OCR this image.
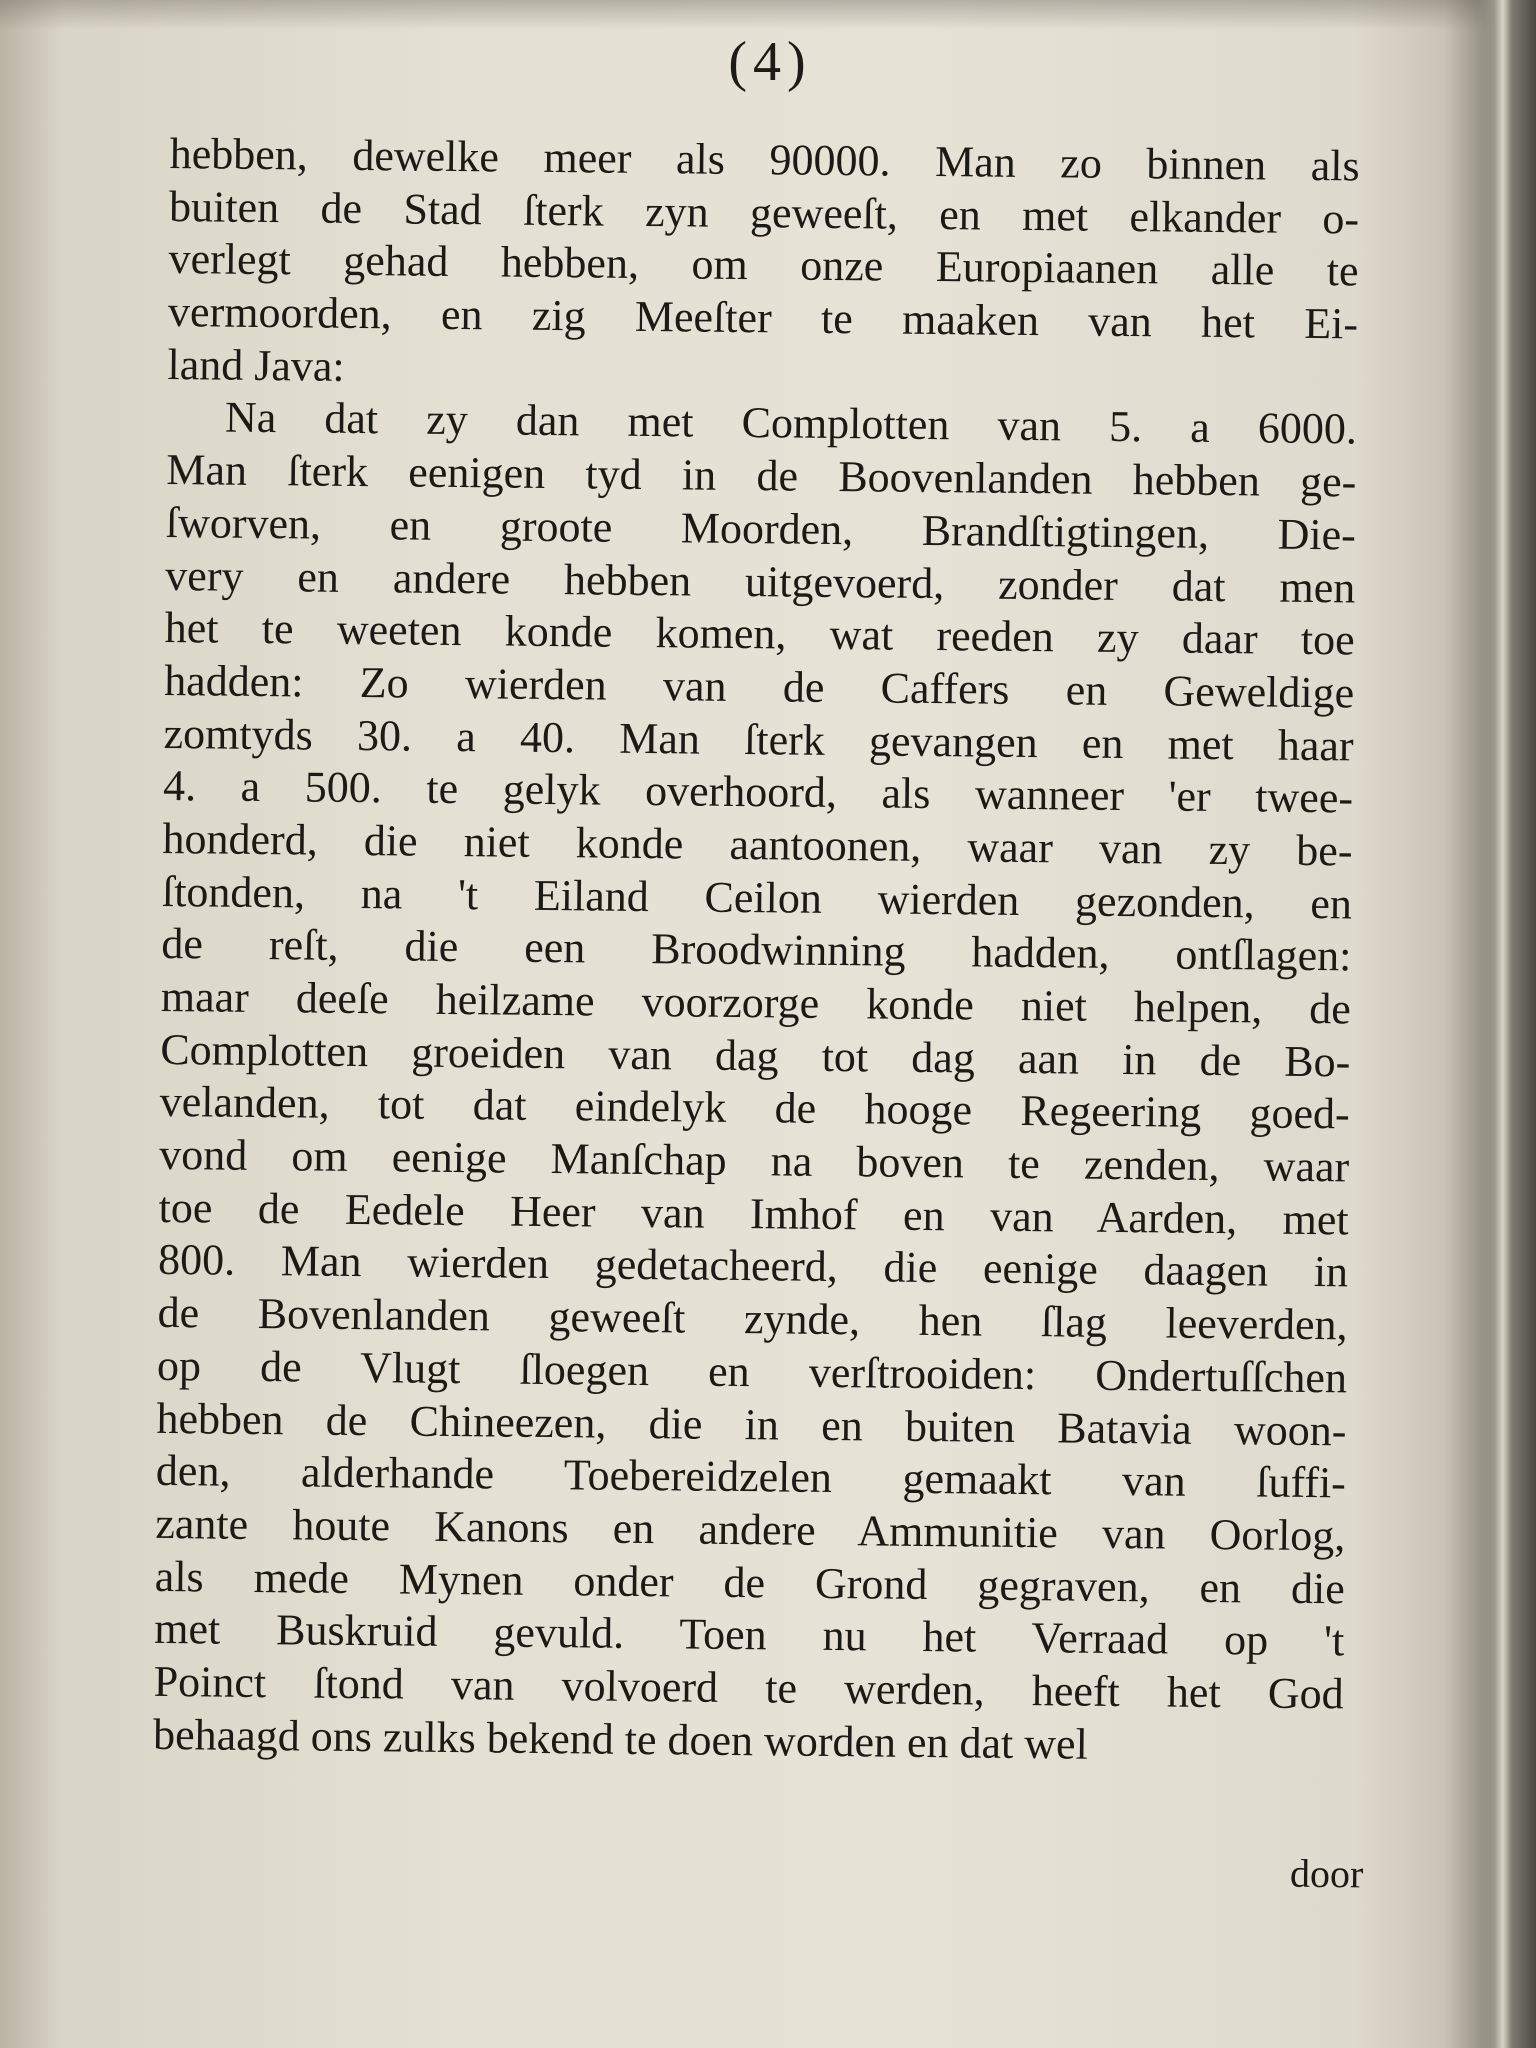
(4)
hebben, dewelke meer als 90000. Man zo binnen als
buiten de Stad ſterk zyn geweeſt, en met elkander o-
verlegt gehad hebben, om onze Europiaanen alle te
vermoorden, en zig Meeſter te maaken van het Ei-
land Java:
Na dat zy dan met Complotten van 5. a 6000.
Man ſterk eenigen tyd in de Boovenlanden hebben ge-
ſworven, en groote Moorden, Brandſtigtingen, Die-
very en andere hebben uitgevoerd, zonder dat men
het te weeten konde komen, wat reeden zy daar toe
hadden: Zo wierden van de Caffers en Geweldige
zomtyds 30. a 40. Man ſterk gevangen en met haar
4. a 500. te gelyk overhoord, als wanneer 'er twee-
honderd, die niet konde aantoonen, waar van zy be-
ſtonden, na 't Eiland Ceilon wierden gezonden, en
de reſt, die een Broodwinning hadden, ontſlagen:
maar deeſe heilzame voorzorge konde niet helpen, de
Complotten groeiden van dag tot dag aan in de Bo-
velanden, tot dat eindelyk de hooge Regeering goed-
vond om eenige Manſchap na boven te zenden, waar
toe de Eedele Heer van Imhof en van Aarden, met
800. Man wierden gedetacheerd, die eenige daagen in
de Bovenlanden geweeſt zynde, hen ſlag leeverden,
op de Vlugt ſloegen en verſtrooiden: Ondertuſſchen
hebben de Chineezen, die in en buiten Batavia woon-
den, alderhande Toebereidzelen gemaakt van ſuffi-
zante houte Kanons en andere Ammunitie van Oorlog,
als mede Mynen onder de Grond gegraven, en die
met Buskruid gevuld. Toen nu het Verraad op 't
Poinct ſtond van volvoerd te werden, heeft het God
behaagd ons zulks bekend te doen worden en dat wel
door
